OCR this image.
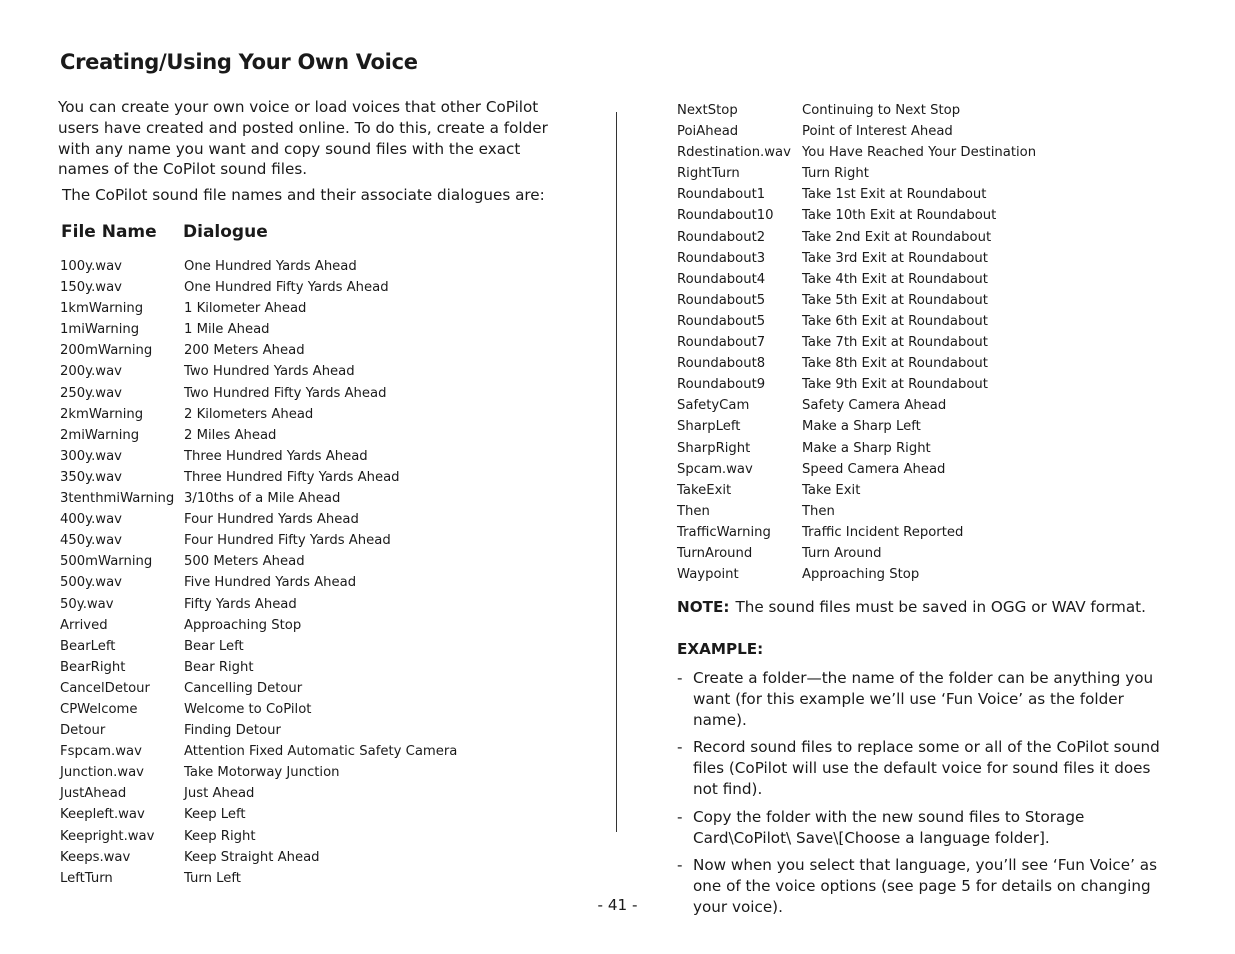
Creating/Using Your Own Voice

You can create your own voice or load voices that other CoPilot users have created and posted online. To do this, create a folder with any name you want and copy sound files with the exact names of the CoPilot sound files.

The CoPilot sound file names and their associate dialogues are:

File Name Dialogue
100y.wav	One Hundred Yards Ahead
150y.wav	One Hundred Fifty Yards Ahead
1kmWarning	1 Kilometer Ahead
1miWarning	1 Mile Ahead
200mWarning 200 Meters Ahead
200y.wav	Two Hundred Yards Ahead
250y.wav	Two Hundred Fifty Yards Ahead
2kmWarning	2 Kilometers Ahead
2miWarning	2 Miles Ahead
300y.wav	Three Hundred Yards Ahead
350y.wav	Three Hundred Fifty Yards Ahead
3tenthmiWarning 3/10ths of a Mile Ahead
400y.wav	Four Hundred Yards Ahead
450y.wav	Four Hundred Fifty Yards Ahead
500mWarning 500 Meters Ahead
500y.wav	Five Hundred Yards Ahead
50y.wav	Fifty Yards Ahead
Arrived	Approaching Stop
BearLeft	Bear Left
BearRight	Bear Right
CancelDetour	Cancelling Detour
CPWelcome	Welcome to CoPilot
Detour	Finding Detour
Fspcam.wav	Attention Fixed Automatic Safety Camera
Junction.wav	Take Motorway Junction
JustAhead	Just Ahead
Keepleft.wav	Keep Left
Keepright.wav Keep Right
Keeps.wav	Keep Straight Ahead
LeftTurn	Turn Left
NextStop	Continuing to Next Stop
PoiAhead	Point of Interest Ahead
Rdestination.wav You Have Reached Your Destination
RightTurn	Turn Right
Roundabout1	Take 1st Exit at Roundabout
Roundabout10 Take 10th Exit at Roundabout
Roundabout2	Take 2nd Exit at Roundabout
Roundabout3	Take 3rd Exit at Roundabout
Roundabout4	Take 4th Exit at Roundabout
Roundabout5	Take 5th Exit at Roundabout
Roundabout5	Take 6th Exit at Roundabout
Roundabout7	Take 7th Exit at Roundabout
Roundabout8	Take 8th Exit at Roundabout
Roundabout9	Take 9th Exit at Roundabout
SafetyCam	Safety Camera Ahead
SharpLeft	Make a Sharp Left
SharpRight	Make a Sharp Right
Spcam.wav	Speed Camera Ahead
TakeExit	Take Exit
Then	Then
TrafficWarning Traffic Incident Reported
TurnAround	Turn Around
Waypoint	Approaching Stop

NOTE: The sound files must be saved in OGG or WAV format.

EXAMPLE:

- Create a folder—the name of the folder can be anything you want (for this example we’ll use ‘Fun Voice’ as the folder name).
- Record sound files to replace some or all of the CoPilot sound files (CoPilot will use the default voice for sound files it does not find).
- Copy the folder with the new sound files to Storage Card\CoPilot\ Save\[Choose a language folder].
- Now when you select that language, you’ll see ‘Fun Voice’ as one of the voice options (see page 5 for details on changing your voice).

- 41 -
